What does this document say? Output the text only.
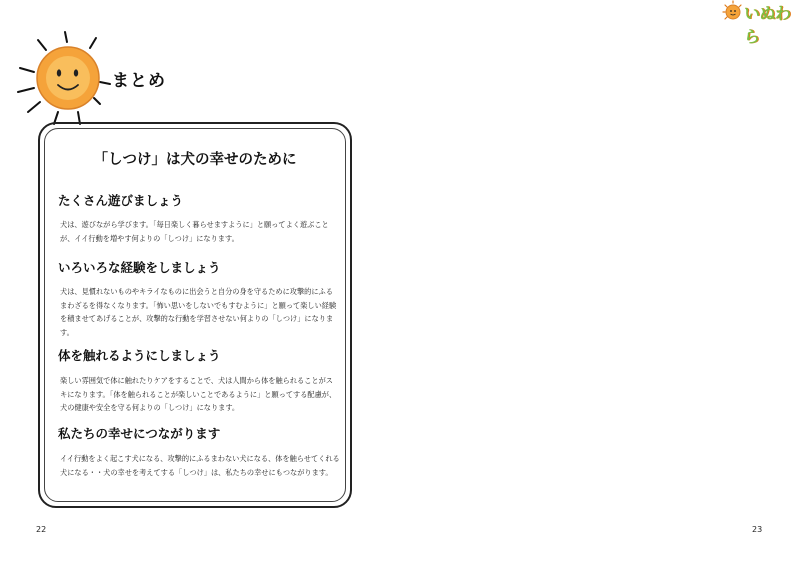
まとめ
いぬわら
「しつけ」は犬の幸せのために
たくさん遊びましょう
犬は、遊びながら学びます。「毎日楽しく暮らせますように」と願ってよく遊ぶことが、イイ行動を増やす何よりの「しつけ」になります。
いろいろな経験をしましょう
犬は、見慣れないものやキライなものに出会うと自分の身を守るために攻撃的にふるまわざるを得なくなります。「怖い思いをしないでもすむように」と願って楽しい経験を積ませてあげることが、攻撃的な行動を学習させない何よりの「しつけ」になります。
体を触れるようにしましょう
楽しい雰囲気で体に触れたりケアをすることで、犬は人間から体を触られることがスキになります。「体を触られることが楽しいことであるように」と願ってする配慮が、犬の健康や安全を守る何よりの「しつけ」になります。
私たちの幸せにつながります
イイ行動をよく起こす犬になる、攻撃的にふるまわない犬になる、体を触らせてくれる犬になる・・犬の幸せを考えてする「しつけ」は、私たちの幸せにもつながります。
22	23
